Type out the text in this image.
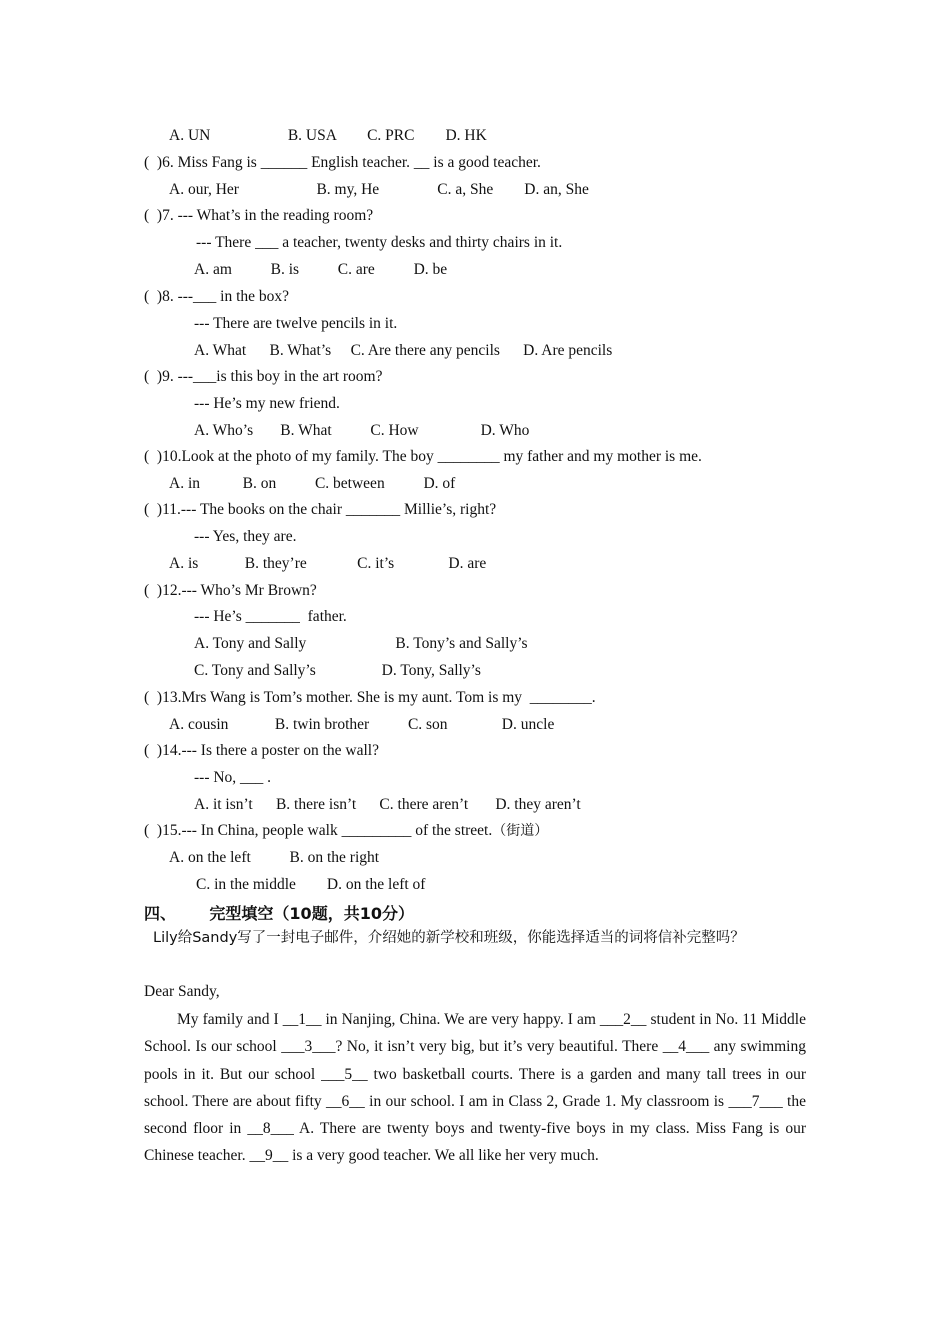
A. UN                    B. USA        C. PRC        D. HK
(  )6. Miss Fang is ______ English teacher. __ is a good teacher.
A. our, Her                    B. my, He               C. a, She        D. an, She
(  )7. --- What’s in the reading room?
--- There ___ a teacher, twenty desks and thirty chairs in it.
A. am          B. is          C. are          D. be
(  )8. ---___ in the box?
--- There are twelve pencils in it.
A. What      B. What’s     C. Are there any pencils      D. Are pencils
(  )9. ---___is this boy in the art room?
--- He’s my new friend.
A. Who’s       B. What          C. How                D. Who
(  )10.Look at the photo of my family. The boy ________ my father and my mother is me.
A. in           B. on          C. between          D. of
(  )11.--- The books on the chair _______ Millie’s, right?
--- Yes, they are.
A. is            B. they’re             C. it’s              D. are
(  )12.--- Who’s Mr Brown?
--- He’s _______  father.
A. Tony and Sally                       B. Tony’s and Sally’s
C. Tony and Sally’s                 D. Tony, Sally’s
(  )13.Mrs Wang is Tom’s mother. She is my aunt. Tom is my  ________.
A. cousin            B. twin brother          C. son              D. uncle
(  )14.--- Is there a poster on the wall?
--- No, ___ .
A. it isn’t      B. there isn’t      C. there aren’t       D. they aren’t
(  )15.--- In China, people walk _________ of the street.（街道）
A. on the left          B. on the right
C. in the middle        D. on the left of
四、      完型填空（10题，共10分）
Lily给Sandy写了一封电子邮件，介绍她的新学校和班级，你能选择适当的词将信补完整吗？
Dear Sandy,
My family and I __1__ in Nanjing, China. We are very happy. I am ___2__ student in No. 11 Middle School. Is our school ___3___? No, it isn’t very big, but it’s very beautiful. There __4___ any swimming pools in it. But our school ___5__ two basketball courts. There is a garden and many tall trees in our school. There are about fifty __6__ in our school. I am in Class 2, Grade 1. My classroom is ___7___ the second floor in __8___ A. There are twenty boys and twenty-five boys in my class. Miss Fang is our Chinese teacher. __9__ is a very good teacher. We all like her very much.
